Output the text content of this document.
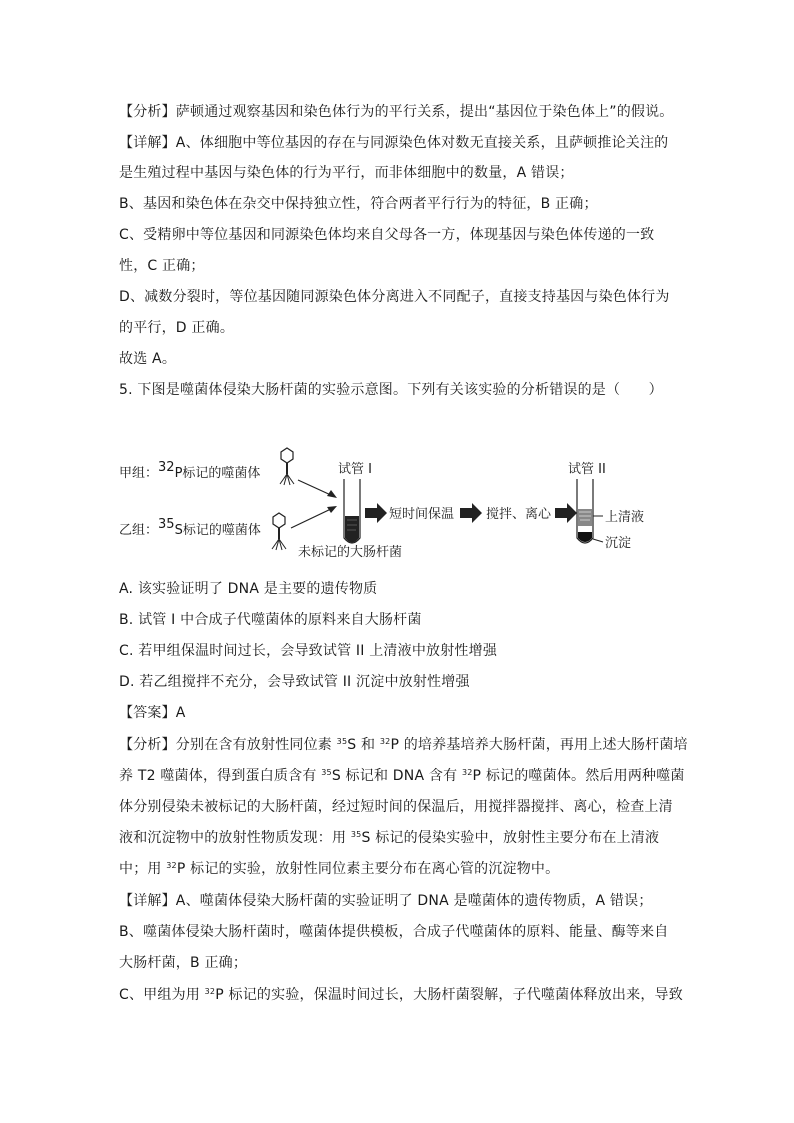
【分析】萨顿通过观察基因和染色体行为的平行关系，提出“基因位于染色体上”的假说。
【详解】A、体细胞中等位基因的存在与同源染色体对数无直接关系，且萨顿推论关注的
是生殖过程中基因与染色体的行为平行，而非体细胞中的数量，A 错误；
B、基因和染色体在杂交中保持独立性，符合两者平行行为的特征，B 正确；
C、受精卵中等位基因和同源染色体均来自父母各一方，体现基因与染色体传递的一致
性，C 正确；
D、减数分裂时，等位基因随同源染色体分离进入不同配子，直接支持基因与染色体行为
的平行，D 正确。
故选 A。
5. 下图是噬菌体侵染大肠杆菌的实验示意图。下列有关该实验的分析错误的是（　　）
甲组：32P标记的噬菌体
乙组：35S标记的噬菌体
试管 I
未标记的大肠杆菌
短时间保温 搅拌、离心
试管 II
上清液
沉淀
A. 该实验证明了 DNA 是主要的遗传物质
B. 试管 I 中合成子代噬菌体的原料来自大肠杆菌
C. 若甲组保温时间过长，会导致试管 II 上清液中放射性增强
D. 若乙组搅拌不充分，会导致试管 II 沉淀中放射性增强
【答案】A
【分析】分别在含有放射性同位素 $^{35}$S 和 $^{32}$P 的培养基培养大肠杆菌，再用上述大肠杆菌培
养 T2 噬菌体，得到蛋白质含有 $^{35}$S 标记和 DNA 含有 $^{32}$P 标记的噬菌体。然后用两种噬菌
体分别侵染未被标记的大肠杆菌，经过短时间的保温后，用搅拌器搅拌、离心，检查上清
液和沉淀物中的放射性物质发现：用 $^{35}$S 标记的侵染实验中，放射性主要分布在上清液
中；用 $^{32}$P 标记的实验，放射性同位素主要分布在离心管的沉淀物中。
【详解】A、噬菌体侵染大肠杆菌的实验证明了 DNA 是噬菌体的遗传物质，A 错误；
B、噬菌体侵染大肠杆菌时，噬菌体提供模板，合成子代噬菌体的原料、能量、酶等来自
大肠杆菌，B 正确；
C、甲组为用 $^{32}$P 标记的实验，保温时间过长，大肠杆菌裂解，子代噬菌体释放出来，导致
